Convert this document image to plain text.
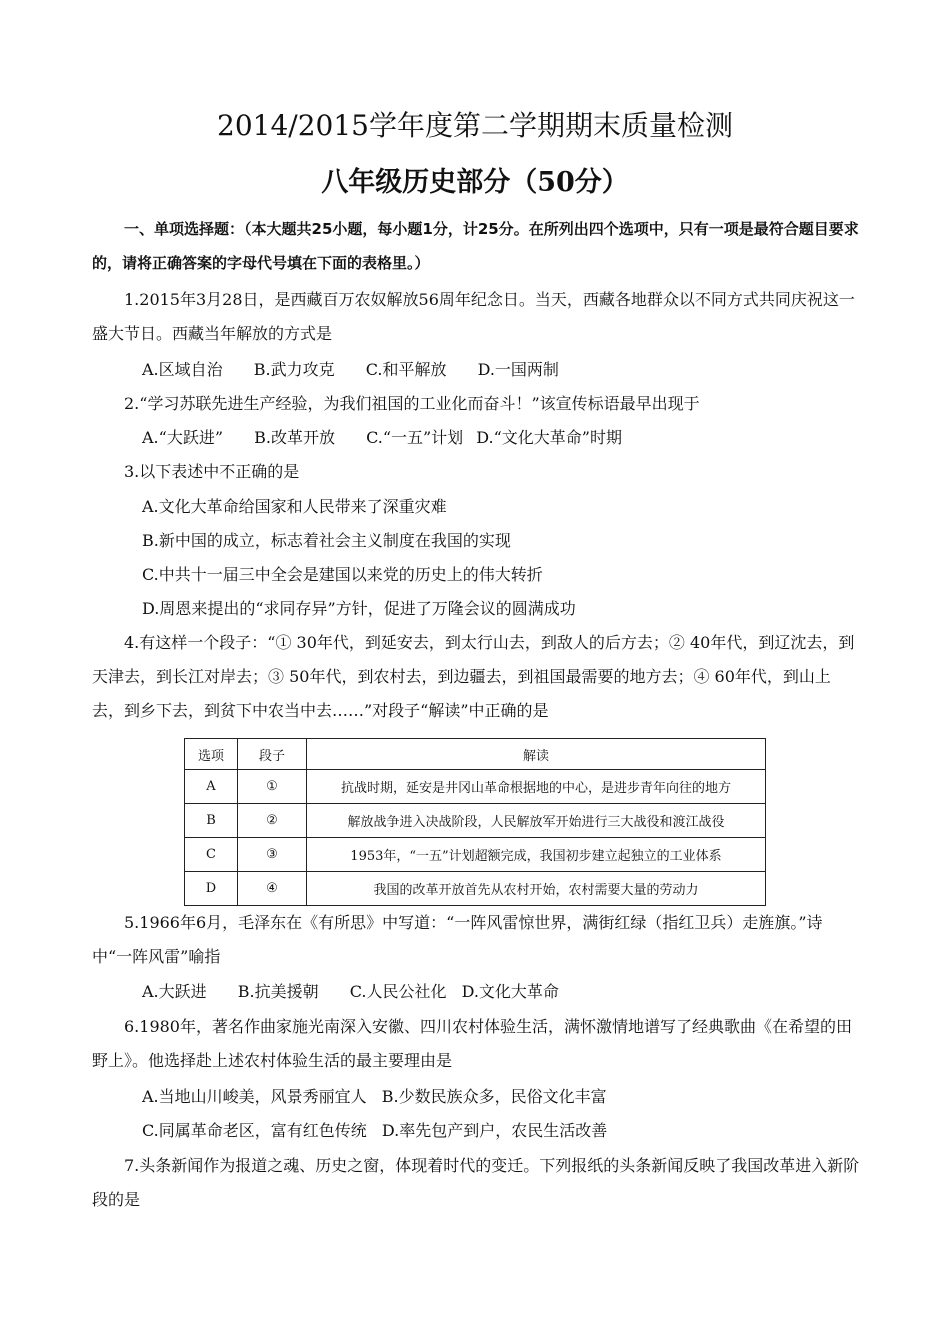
2014/2015学年度第二学期期末质量检测
八年级历史部分（50分）
一、单项选择题：（本大题共25小题，每小题1分，计25分。在所列出四个选项中，只有一项是最符合题目要求的，请将正确答案的字母代号填在下面的表格里。）
1.2015年3月28日，是西藏百万农奴解放56周年纪念日。当天，西藏各地群众以不同方式共同庆祝这一盛大节日。西藏当年解放的方式是
A.区域自治 B.武力攻克 C.和平解放 D.一国两制
2.“学习苏联先进生产经验，为我们祖国的工业化而奋斗！”该宣传标语最早出现于
A.“大跃进” B.改革开放 C.“一五”计划 D.“文化大革命”时期
3.以下表述中不正确的是
A.文化大革命给国家和人民带来了深重灾难
B.新中国的成立，标志着社会主义制度在我国的实现
C.中共十一届三中全会是建国以来党的历史上的伟大转折
D.周恩来提出的“求同存异”方针，促进了万隆会议的圆满成功
4.有这样一个段子：“① 30年代，到延安去，到太行山去，到敌人的后方去；② 40年代，到辽沈去，到天津去，到长江对岸去；③ 50年代，到农村去，到边疆去，到祖国最需要的地方去；④ 60年代，到山上去，到乡下去，到贫下中农当中去……”对段子“解读”中正确的是
选项	段子	解读
A	①	抗战时期，延安是井冈山革命根据地的中心，是进步青年向往的地方
B	②	解放战争进入决战阶段，人民解放军开始进行三大战役和渡江战役
C	③	1953年，“一五”计划超额完成，我国初步建立起独立的工业体系
D	④	我国的改革开放首先从农村开始，农村需要大量的劳动力
5.1966年6月，毛泽东在《有所思》中写道：“一阵风雷惊世界，满街红绿（指红卫兵）走旌旗。”诗中“一阵风雷”喻指
A.大跃进 B.抗美援朝 C.人民公社化 D.文化大革命
6.1980年，著名作曲家施光南深入安徽、四川农村体验生活，满怀激情地谱写了经典歌曲《在希望的田野上》。他选择赴上述农村体验生活的最主要理由是
A.当地山川峻美，风景秀丽宜人 B.少数民族众多，民俗文化丰富
C.同属革命老区，富有红色传统 D.率先包产到户，农民生活改善
7.头条新闻作为报道之魂、历史之窗，体现着时代的变迁。下列报纸的头条新闻反映了我国改革进入新阶段的是
